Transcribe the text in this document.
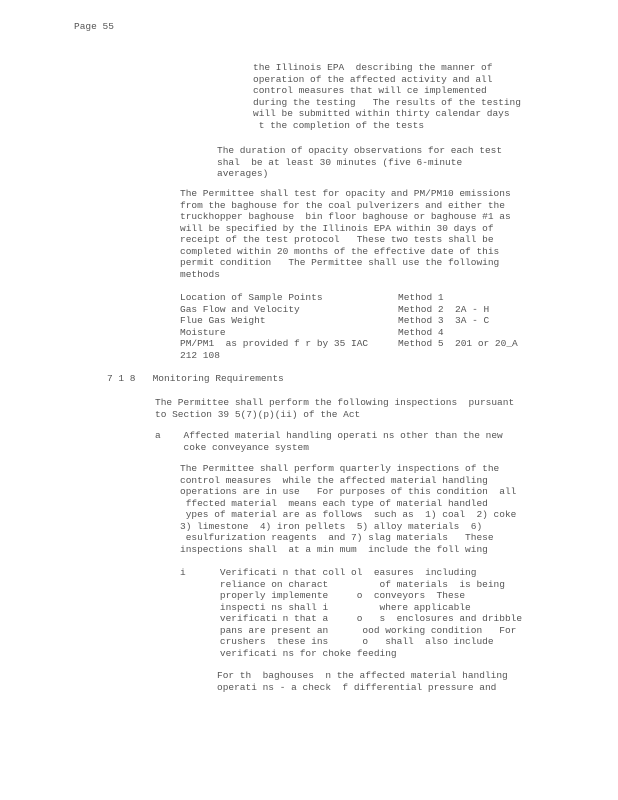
Page 55
the Illinois EPA  describing the manner of
operation of the affected activity and all
control measures that will ce implemented
during the testing   The results of the testing
will be submitted within thirty calendar days
t the completion of the tests
The duration of opacity observations for each test
shal  be at least 30 minutes (five 6-minute
averages)
The Permittee shall test for opacity and PM/PM10 emissions
from the baghouse for the coal pulverizers and either the
truckhopper baghouse  bin floor baghouse or baghouse #1 as
will be specified by the Illinois EPA within 30 days of
receipt of the test protocol   These two tests shall be
completed within 20 months of the effective date of this
permit condition   The Permittee shall use the following
methods
Location of Sample Points	Method 1
Gas Flow and Velocity	Method 2  2A - H
Flue Gas Weight	Method 3  3A - C
Moisture	Method 4
PM/PM1  as provided f r by 35 IAC	Method 5  201 or 20_A
212 108
7 1 8   Monitoring Requirements
The Permittee shall perform the following inspections  pursuant
to Section 39 5(7)(p)(ii) of the Act
a    Affected material handling operati ns other than the new
coke conveyance system
The Permittee shall perform quarterly inspections of the
control measures  while the affected material handling
operations are in use   For purposes of this condition  all
ffected material  means each type of material handled
ypes of material are as follows  such as  1) coal  2) coke
3) limestone  4) iron pellets  5) alloy materials  6)
esulfurization reagents  and 7) slag materials   These
inspections shall  at a min mum  include the foll wing
i      Verificati n that coll ol  easures  including
reliance on charact         of materials  is being
properly implemente     o  conveyors  These
inspecti ns shall i         where applicable
verificati n that a     o   s  enclosures and dribble
pans are present an      ood working condition   For
crushers  these ins      o   shall  also include
verificati ns for choke feeding
For th  baghouses  n the affected material handling
operati ns - a check  f differential pressure and
